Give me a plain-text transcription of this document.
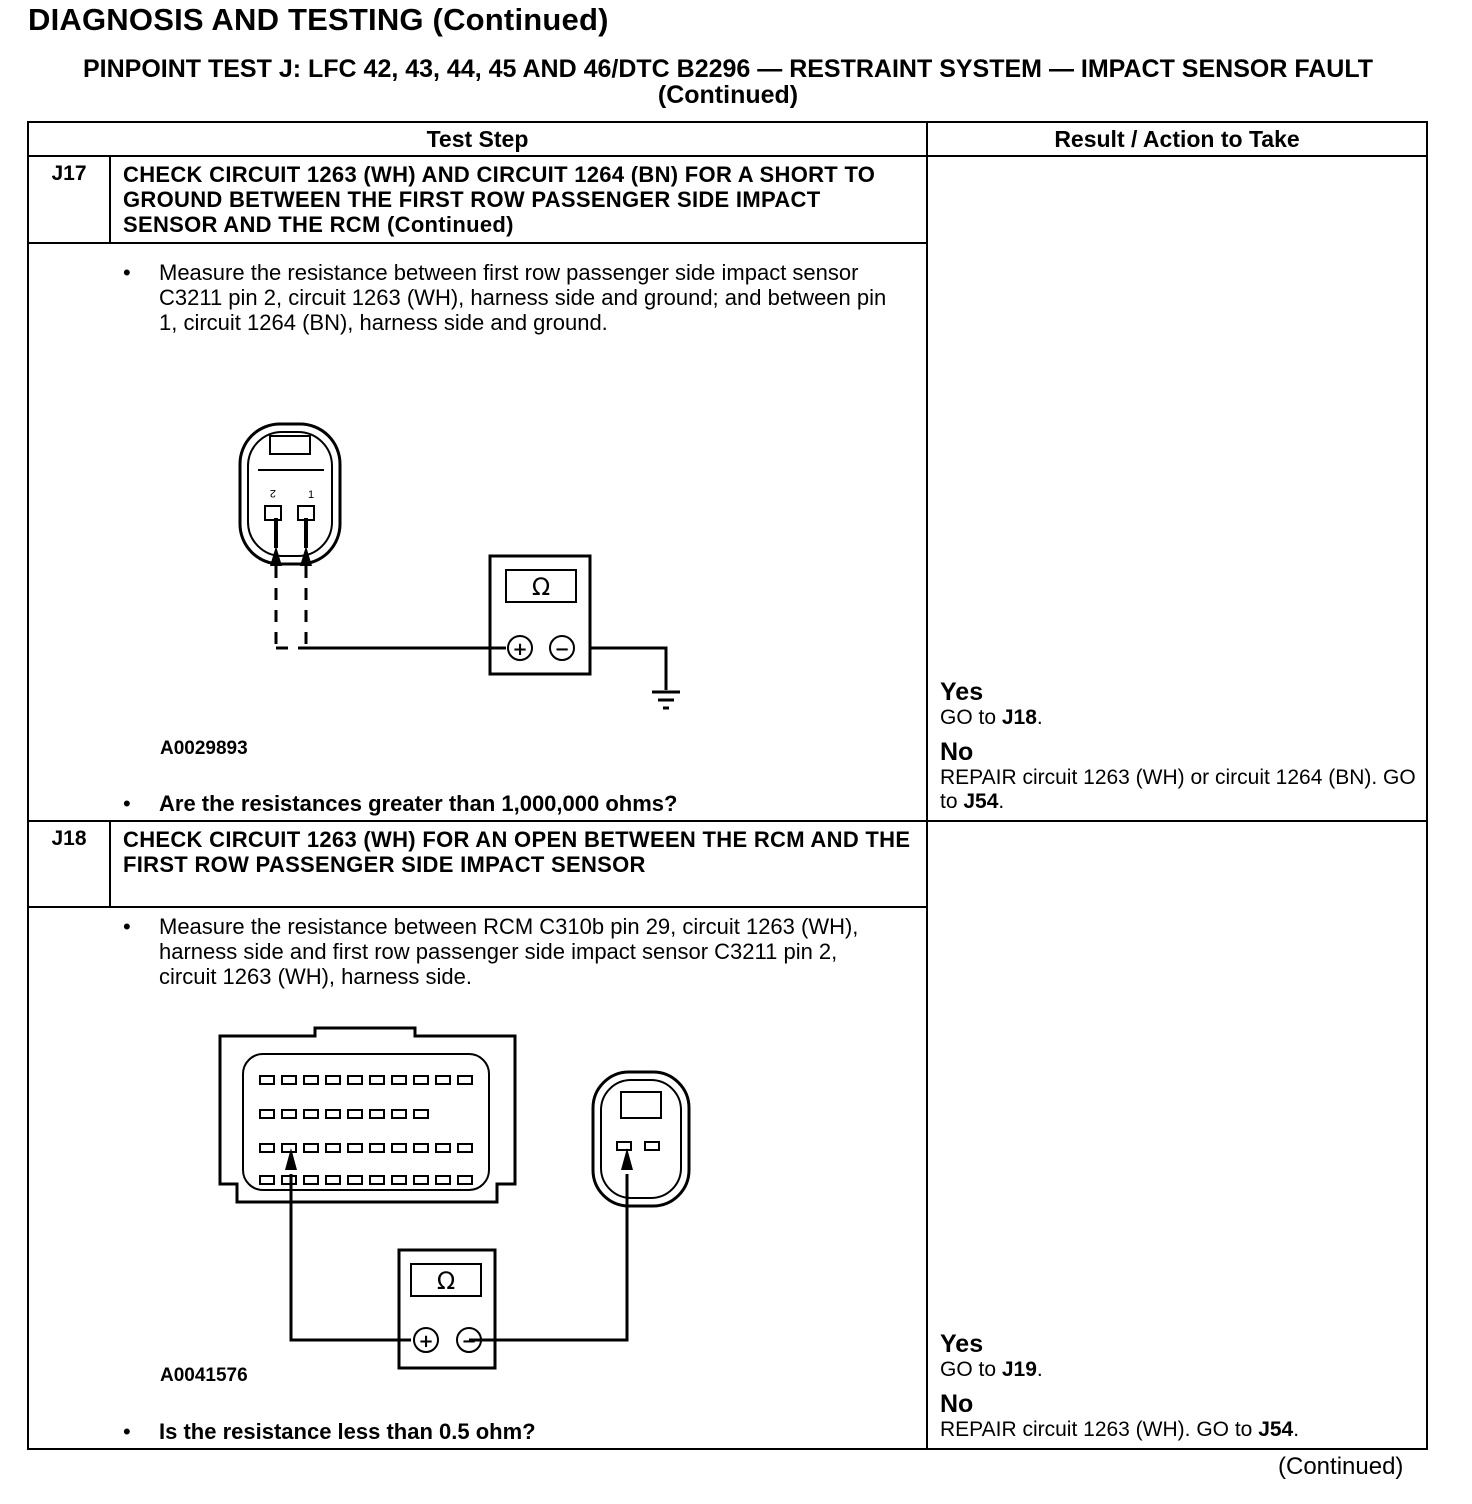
DIAGNOSIS AND TESTING (Continued)
PINPOINT TEST J: LFC 42, 43, 44, 45 AND 46/DTC B2296 — RESTRAINT SYSTEM — IMPACT SENSOR FAULT (Continued)
Test Step	Result / Action to Take
J17	CHECK CIRCUIT 1263 (WH) AND CIRCUIT 1264 (BN) FOR A SHORT TO GROUND BETWEEN THE FIRST ROW PASSENGER SIDE IMPACT SENSOR AND THE RCM (Continued)
• Measure the resistance between first row passenger side impact sensor C3211 pin 2, circuit 1263 (WH), harness side and ground; and between pin 1, circuit 1264 (BN), harness side and ground.
2	1
Ω
+ −
A0029893
• Are the resistances greater than 1,000,000 ohms?
Yes
GO to J18.
No
REPAIR circuit 1263 (WH) or circuit 1264 (BN). GO to J54.
J18	CHECK CIRCUIT 1263 (WH) FOR AN OPEN BETWEEN THE RCM AND THE FIRST ROW PASSENGER SIDE IMPACT SENSOR
• Measure the resistance between RCM C310b pin 29, circuit 1263 (WH), harness side and first row passenger side impact sensor C3211 pin 2, circuit 1263 (WH), harness side.
Ω
+ −
A0041576
• Is the resistance less than 0.5 ohm?
Yes
GO to J19.
No
REPAIR circuit 1263 (WH). GO to J54.
(Continued)
